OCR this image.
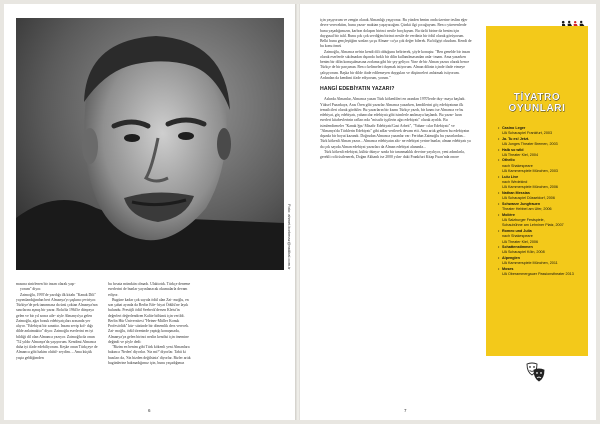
Foto: ahmet.korkmaz@radikal.com.tr

masına sinirlenen bir insan olarak yaşı-

yorum" diyor.

Zaimoğlu, 1995'de yazdığı ilk kitabı "Kanak Dili" yayımlandığından beri Almanya'yı şaşkına çeviriyor. Türkiye'de pek tanınmasa da ünü çoktan Almanya'nın sınırlarını aşmış bir yazar. Bolu'da 1964'te dünyaya gelen ve bir yıl sonra aile- siyle Almanya'ya gelen Zaimoğlu, ağzı bozuk edebiyatçıları arasında yer alıyor. "Edebiyat bir sanattır. Insanı sevip kol- dığı dilde anlatmaktır" diyor. Zaimoğlu eserlerini en iyi bildiği dil olan Almanca yazıyor. Zaimoğlu da onun "52 yıldır Almanya'da yaşıyorum. Kendimi Almanca daha iyi ifade edebiliyorum. Keşke onun Türkçeye de Almanca gibi hakim olabil- seydim. – Ama küçük yaşta geldiğimden

bu fırsata mümkün olmadı. Ulaktırtık. Türkçe deneme eserlerini de bunlar yayınlanacak okumalarla devam ediyor.

Bugüne kadar çok sayıda ödül alan Zai- moğlu, en son şubat ayında da Berlin Ede- biyat Ödülü'ne layık bulundu. Prestijli ödül Seebeck'dersen Kleist'in değerleri değerlendiren Kalite bölümü için verildi. Berlin Hür Üniversitesi "Heiner-Müller Konuk Profesörlük" kür- süsünde bir dönemlik ders verecek. Zai- moğlu, ödül töreninde yaptığı konuşmada, Almanya'ya gelen birinci neslin kendisi için önemine değindi ve şöyle dedi:

"Bizim en benim gibi Türk kökenli yeni Almanlara bakınca 'Neden' diyorlar. 'Siz mi?' diyorlar. Tabii ki bazıları da, 'Siz bizden değilsiniz' diyorlar. Bizler artık bugünlerine bakmadığımız için, bunu yaşadığımız

6

için yaşıyorum ve zengin olarak Almanlığı yaşıyoruz. Bu yüzden benim onda üzerine teslim eğer devre verecektim, bunu yazar- maktan yaşayacağım. Çünkü ilgi çocuğuyum. Ben o yürerenlerde bunu yaşadığımızın, karbon dolaşım birinci nesile borçluyum. Bu türlü birine da benim için duygusal bir talıl. Bunu çok çok sevdiğim birinci nesile de verdiniz bir ödül olarak görüyorum. Belki bunu gençleştiğim sonları şu şu Alman- ca'ya çok değer bilerek. Bu bilgiyi okudum. Kendi de bu konu ömrü

Zaimoğlu, Almanca ne'nin kendi dili olduğunu belirterek, şöyle konuştu: "Ben genelde bir insan olarak eserlerde sıkılmadan dışarıda farklı bir dilin kullanılmasından anla- tmam. Ama yazarken benim bir dilin konuşulmasına zorlama gibi bir şey geliyor. Yine de bir Alman yazarı olarak bence Türkçe de bir parçamın. Ben o kelimeleri duymak istiyorum. Alman dilinin içinde ifade etmeye çalışıyorum. Başka bir dilde ifade edilemeyen duyguları ve düşünceleri anlatmak istiyorum. Ardından da kendimi ifade ediyorum, yorum."

HANGİ EDEBİYATIN YAZARI?

Aslında Almanlar, Almanca yazan Türk kökenlileri en azından 1970'lerde duy- maya başladı. Yüksel Pazarkaya, Aras Ören gibi yazarlar Almanca yazarken, kendilerini göç edebiyatının ilk temsilcileri olarak gördüler. Bu yazarların bir kısmı Türkçe yazdı, bir kısmı ise Almanca ve bu edebiyat, göç edebiyatı, yabancılar edebiyatı gibi isimlerle anılmaya başlandı. Bu yazar- ların eserleri kitabevlerinin rafları nda "misafir işçilerin ağzı edebiyatı" olarak ayrıldı. Bu isimlendirmeler "Kanak Şpı/ Misafir Edebiyatı/Gast Arbeit", "Yaban- cılar Edebiyatı" ve "Almanya'da Türklerin Edebiyatı" gibi adlar verilerek devam etti. Ama artık gelinen bu edebiyatın dışında bir boyut kazandı. Doğrudan Almanca yazanlar var: Feridun Zaimoğlu bu yazarlardan... Türk kökenli Alman yazar... Almanca edebiyatın altı- ne edebiyat yerine bunlar, alman edebiyatı ya da çok sayıda Alman edebiyat yazarları da Alman edebiyat alanında...

Türk kökenli edebiyat, kültür dünya- sında bir tanınmaklık devrine yayılıyor, yeni adımlarla, gerekli rolü üstlenerek, Doğan Akhanlı ise 2000 yılın- daki Frankfurt Kitap Fuarı'nda onore

TİYATRO OYUNLARI
• Casino Leger
UA Schauspiel Frankfurt, 2003
• Ja. Tu es! Jetzt.
UA Junges Theater Bremen, 2003
• Halb so wild
UA Theater Kiel, 2004
• Othello
nach Shakespeare
UA Kammerspiele München, 2003
• Lulu Live
nach Wedekind
UA Kammerspiele München, 2006
• Nathan Messias
UA Schauspiel Düsseldorf, 2006
• Schwarze Jungfrauen
Theater Hebbel am Ufer, 2006
• Molière
UA Salzburger Festspiele,
Schaubühne am Lehniner Platz, 2007
• Romeo und Julia
nach Shakespeare
UA Theater Kiel, 2006
• Schattenstimmen
UA Schauspiel Köln, 2008
• Alpenglen
UA Kammerspiele München, 2011
• Moses
UA Oberammergauer Passionstheater 2013
7
